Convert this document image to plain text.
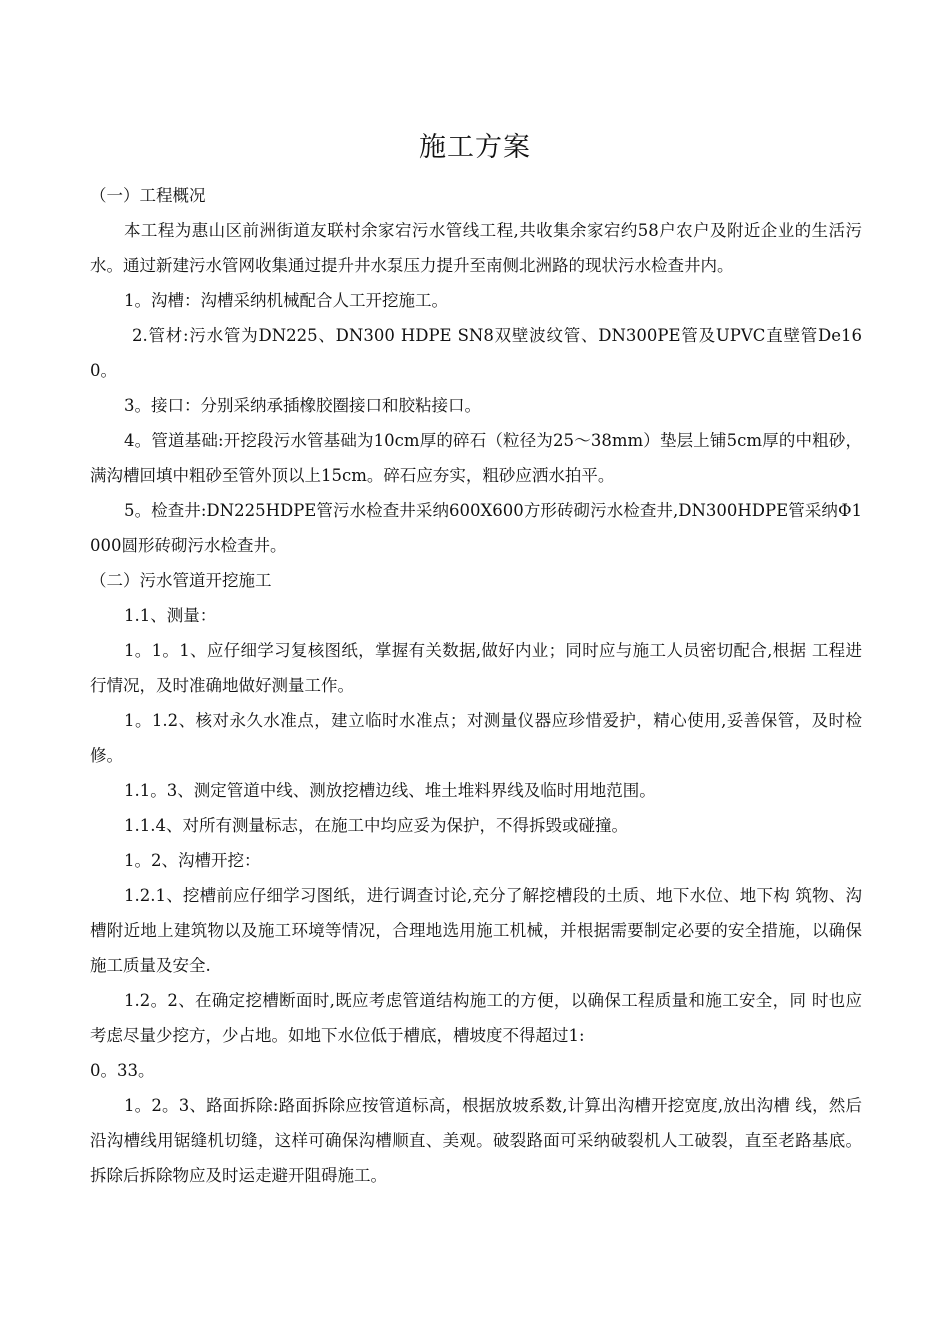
施工方案

（一）工程概况

本工程为惠山区前洲街道友联村余家宕污水管线工程,共收集余家宕约58户农户及附近企业的生活污水。通过新建污水管网收集通过提升井水泵压力提升至南侧北洲路的现状污水检查井内。

1。沟槽：沟槽采纳机械配合人工开挖施工。

2.管材:污水管为DN225、DN300 HDPE SN8双壁波纹管、DN300PE管及UPVC直壁管De160。

3。接口：分别采纳承插橡胶圈接口和胶粘接口。

4。管道基础:开挖段污水管基础为10cm厚的碎石（粒径为25～38mm）垫层上铺5cm厚的中粗砂，满沟槽回填中粗砂至管外顶以上15cm。碎石应夯实，粗砂应洒水拍平。

5。检查井:DN225HDPE管污水检查井采纳600X600方形砖砌污水检查井,DN300HDPE管采纳Φ1000圆形砖砌污水检查井。

（二）污水管道开挖施工

1.1、测量：

1。1。1、应仔细学习复核图纸，掌握有关数据,做好内业；同时应与施工人员密切配合,根据 工程进行情况，及时准确地做好测量工作。

1。1.2、核对永久水准点，建立临时水准点；对测量仪器应珍惜爱护，精心使用,妥善保管，及时检修。

1.1。3、测定管道中线、测放挖槽边线、堆土堆料界线及临时用地范围。

1.1.4、对所有测量标志，在施工中均应妥为保护，不得拆毁或碰撞。

1。2、沟槽开挖：

1.2.1、挖槽前应仔细学习图纸，进行调查讨论,充分了解挖槽段的土质、地下水位、地下构 筑物、沟槽附近地上建筑物以及施工环境等情况，合理地选用施工机械，并根据需要制定必要的安全措施，以确保施工质量及安全.

1.2。2、在确定挖槽断面时,既应考虑管道结构施工的方便，以确保工程质量和施工安全，同 时也应考虑尽量少挖方，少占地。如地下水位低于槽底，槽坡度不得超过1:

0。33。

1。2。3、路面拆除:路面拆除应按管道标高，根据放坡系数,计算出沟槽开挖宽度,放出沟槽 线，然后沿沟槽线用锯缝机切缝，这样可确保沟槽顺直、美观。破裂路面可采纳破裂机人工破裂，直至老路基底。拆除后拆除物应及时运走避开阻碍施工。
